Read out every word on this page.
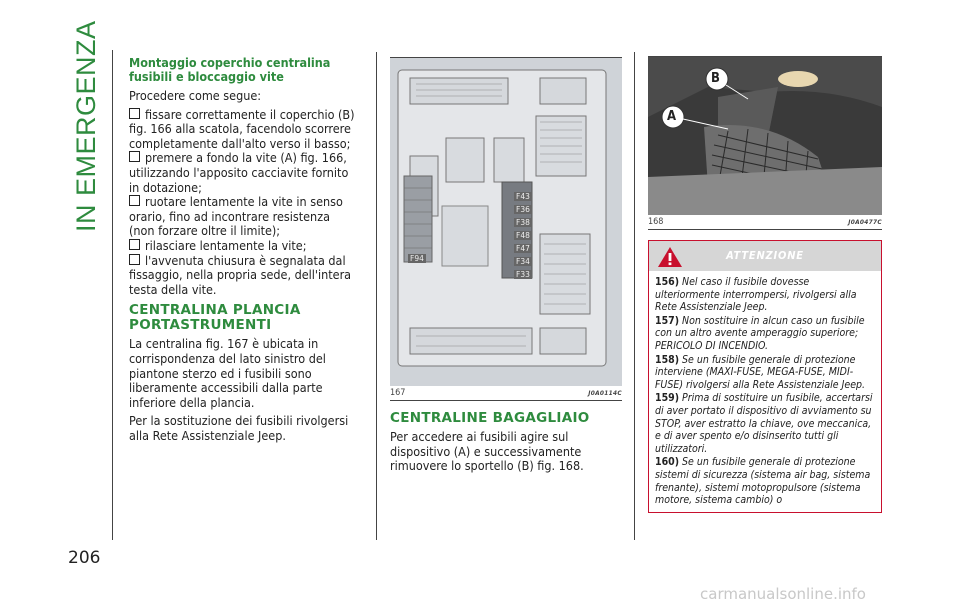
IN EMERGENZA
206
Montaggio coperchio centralina fusibili e bloccaggio vite

Procedere come segue:

fissare correttamente il coperchio (B) fig. 166 alla scatola, facendolo scorrere completamente dall'alto verso il basso;
premere a fondo la vite (A) fig. 166, utilizzando l'apposito cacciavite fornito in dotazione;
ruotare lentamente la vite in senso orario, fino ad incontrare resistenza (non forzare oltre il limite);
rilasciare lentamente la vite;
l'avvenuta chiusura è segnalata dal fissaggio, nella propria sede, dell'intera testa della vite.
CENTRALINA PLANCIA PORTASTRUMENTI

La centralina fig. 167 è ubicata in corrispondenza del lato sinistro del piantone sterzo ed i fusibili sono liberamente accessibili dalla parte inferiore della plancia.

Per la sostituzione dei fusibili rivolgersi alla Rete Assistenziale Jeep.

F43
F36
F38
F48
F47
F34
F33
F94
167	J0A0114C
CENTRALINE BAGAGLIAIO

Per accedere ai fusibili agire sul dispositivo (A) e successivamente rimuovere lo sportello (B) fig. 168.

A
B
168	J0A0477C
ATTENZIONE

156) Nel caso il fusibile dovesse ulteriormente interrompersi, rivolgersi alla Rete Assistenziale Jeep.

157) Non sostituire in alcun caso un fusibile con un altro avente amperaggio superiore; PERICOLO DI INCENDIO.

158) Se un fusibile generale di protezione interviene (MAXI-FUSE, MEGA-FUSE, MIDI-FUSE) rivolgersi alla Rete Assistenziale Jeep.

159) Prima di sostituire un fusibile, accertarsi di aver portato il dispositivo di avviamento su STOP, aver estratto la chiave, ove meccanica, e di aver spento e/o disinserito tutti gli utilizzatori.

160) Se un fusibile generale di protezione sistemi di sicurezza (sistema air bag, sistema frenante), sistemi motopropulsore (sistema motore, sistema cambio) o

carmanualsonline.info
